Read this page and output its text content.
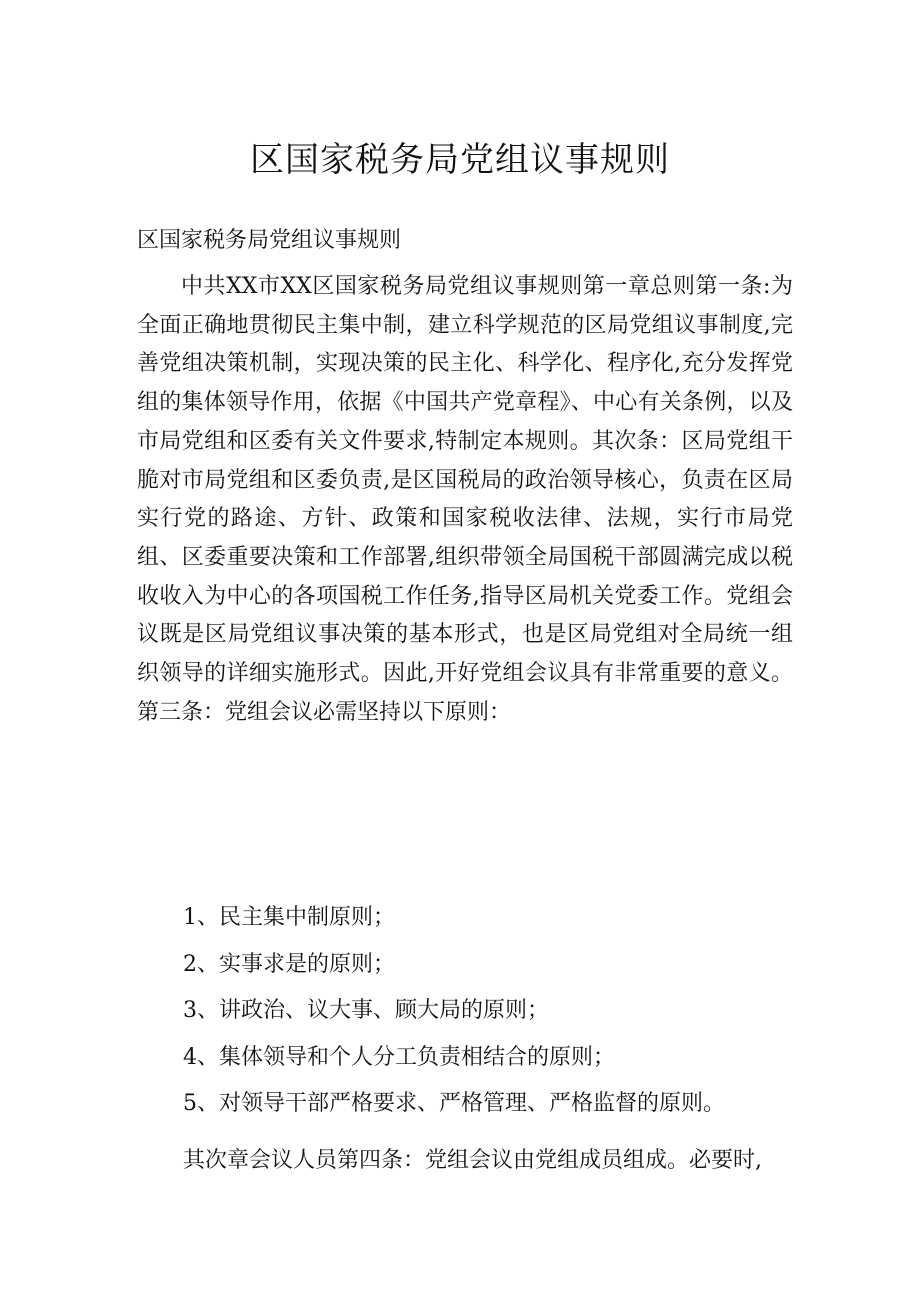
区国家税务局党组议事规则

区国家税务局党组议事规则

中共XX市XX区国家税务局党组议事规则第一章总则第一条:为全面正确地贯彻民主集中制，建立科学规范的区局党组议事制度,完善党组决策机制，实现决策的民主化、科学化、程序化,充分发挥党组的集体领导作用，依据《中国共产党章程》、中心有关条例，以及市局党组和区委有关文件要求,特制定本规则。其次条：区局党组干脆对市局党组和区委负责,是区国税局的政治领导核心，负责在区局实行党的路途、方针、政策和国家税收法律、法规，实行市局党组、区委重要决策和工作部署,组织带领全局国税干部圆满完成以税收收入为中心的各项国税工作任务,指导区局机关党委工作。党组会议既是区局党组议事决策的基本形式，也是区局党组对全局统一组织领导的详细实施形式。因此,开好党组会议具有非常重要的意义。第三条：党组会议必需坚持以下原则：

1、民主集中制原则；
2、实事求是的原则；
3、讲政治、议大事、顾大局的原则；
4、集体领导和个人分工负责相结合的原则；
5、对领导干部严格要求、严格管理、严格监督的原则。

其次章会议人员第四条：党组会议由党组成员组成。必要时,
